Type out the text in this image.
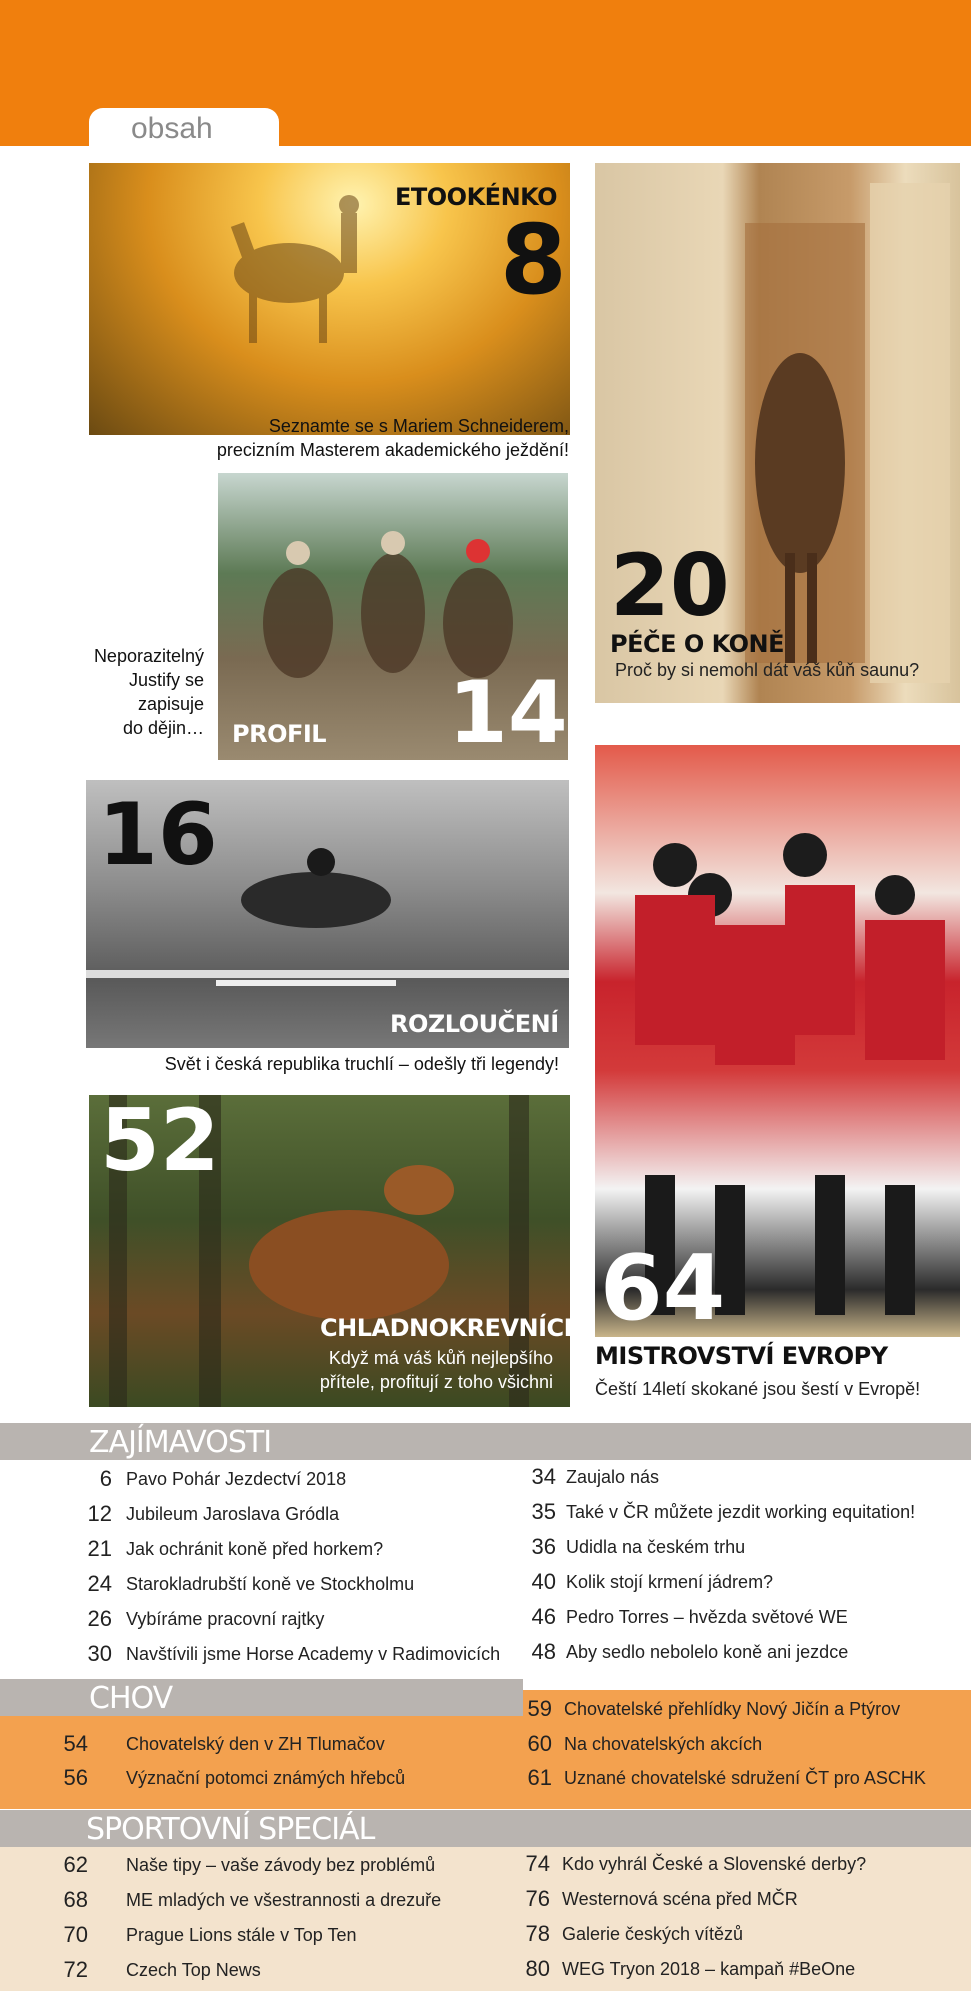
obsah
ETOOKÉNKO
8
Seznamte se s Mariem Schneiderem,
precizním Masterem akademického ježdění!
PROFIL 14
Neporazitelný
Justify se
zapisuje
do dějin…
20
PÉČE O KONĚ
Proč by si nemohl dát váš kůň saunu?
16
ROZLOUČENÍ
Svět i česká republika truchlí – odešly tři legendy!
52
CHLADNOKREVNÍCI
Když má váš kůň nejlepšího
přítele, profitují z toho všichni
64
MISTROVSTVÍ EVROPY
Čeští 14letí skokané jsou šestí v Evropě!
ZAJÍMAVOSTI
6 Pavo Pohár Jezdectví 2018
12 Jubileum Jaroslava Gródla
21 Jak ochránit koně před horkem?
24 Starokladrubští koně ve Stockholmu
26 Vybíráme pracovní rajtky
30 Navštívili jsme Horse Academy v Radimovicích
34 Zaujalo nás
35 Také v ČR můžete jezdit working equitation!
36 Udidla na českém trhu
40 Kolik stojí krmení jádrem?
46 Pedro Torres – hvězda světové WE
48 Aby sedlo nebolelo koně ani jezdce
CHOV
54 Chovatelský den v ZH Tlumačov
56 Význační potomci známých hřebců
59 Chovatelské přehlídky Nový Jičín a Ptýrov
60 Na chovatelských akcích
61 Uznané chovatelské sdružení ČT pro ASCHK
SPORTOVNÍ SPECIÁL
62 Naše tipy – vaše závody bez problémů
68 ME mladých ve všestrannosti a drezuře
70 Prague Lions stále v Top Ten
72 Czech Top News
74 Kdo vyhrál České a Slovenské derby?
76 Westernová scéna před MČR
78 Galerie českých vítězů
80 WEG Tryon 2018 – kampaň #BeOne
